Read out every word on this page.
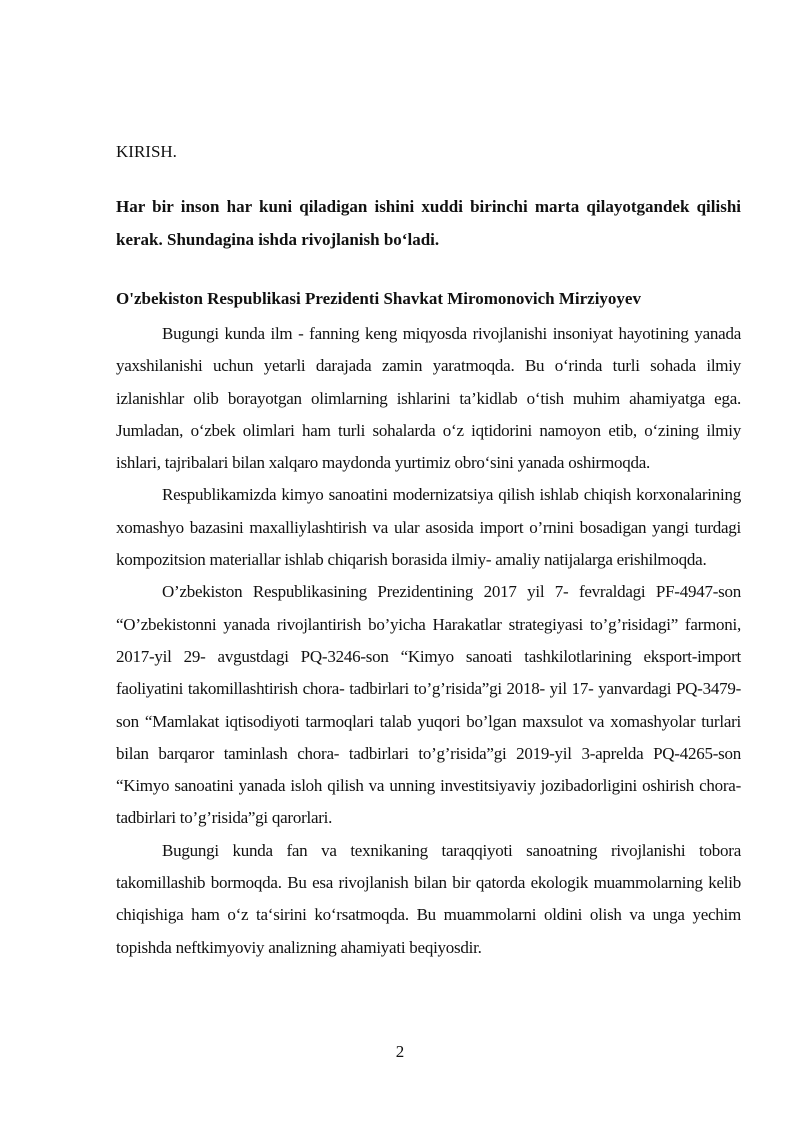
KIRISH.

Har bir inson har kuni qiladigan ishini xuddi birinchi marta qilayotgandek qilishi kerak. Shundagina ishda rivojlanish bo‘ladi.

O'zbekiston Respublikasi Prezidenti Shavkat Miromonovich Mirziyoyev

Bugungi kunda ilm - fanning keng miqyosda rivojlanishi insoniyat hayotining yanada yaxshilanishi uchun yetarli darajada zamin yaratmoqda. Bu o‘rinda turli sohada ilmiy izlanishlar olib borayotgan olimlarning ishlarini ta’kidlab o‘tish muhim ahamiyatga ega. Jumladan, o‘zbek olimlari ham turli sohalarda o‘z iqtidorini namoyon etib, o‘zining ilmiy ishlari, tajribalari bilan xalqaro maydonda yurtimiz obro‘sini yanada oshirmoqda.

Respublikamizda kimyo sanoatini modernizatsiya qilish ishlab chiqish korxonalarining xomashyo bazasini maxalliylashtirish va ular asosida import o’rnini bosadigan yangi turdagi kompozitsion materiallar ishlab chiqarish borasida ilmiy- amaliy natijalarga erishilmoqda.

O’zbekiston Respublikasining Prezidentining 2017 yil 7- fevraldagi PF-4947-son “O’zbekistonni yanada rivojlantirish bo’yicha Harakatlar strategiyasi to’g’risidagi” farmoni, 2017-yil 29- avgustdagi PQ-3246-son “Kimyo sanoati tashkilotlarining eksport-import faoliyatini takomillashtirish chora- tadbirlari to’g’risida”gi 2018- yil 17- yanvardagi PQ-3479-son “Mamlakat iqtisodiyoti tarmoqlari talab yuqori bo’lgan maxsulot va xomashyolar turlari bilan barqaror taminlash chora- tadbirlari to’g’risida”gi 2019-yil 3-aprelda PQ-4265-son “Kimyo sanoatini yanada isloh qilish va unning investitsiyaviy jozibadorligini oshirish chora- tadbirlari to’g’risida”gi qarorlari.

Bugungi kunda fan va texnikaning taraqqiyoti sanoatning rivojlanishi tobora takomillashib bormoqda. Bu esa rivojlanish bilan bir qatorda ekologik muammolarning kelib chiqishiga ham o‘z ta‘sirini ko‘rsatmoqda. Bu muammolarni oldini olish va unga yechim topishda neftkimyoviy analizning ahamiyati beqiyosdir.

2
